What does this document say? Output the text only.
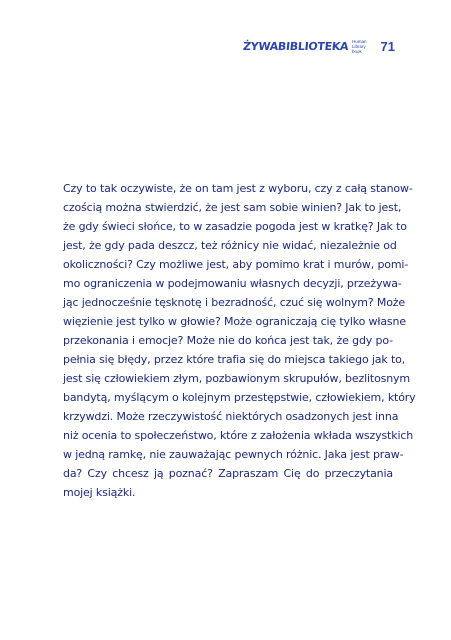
ŻYWABIBLIOTEKA Human
Library
book	71
Czy to tak oczywiste, że on tam jest z wyboru, czy z całą stanow-
czością można stwierdzić, że jest sam sobie winien? Jak to jest,
że gdy świeci słońce, to w zasadzie pogoda jest w kratkę? Jak to
jest, że gdy pada deszcz, też różnicy nie widać, niezależnie od
okoliczności? Czy możliwe jest, aby pomimo krat i murów, pomi-
mo ograniczenia w podejmowaniu własnych decyzji, przeżywa-
jąc jednocześnie tęsknotę i bezradność, czuć się wolnym? Może
więzienie jest tylko w głowie? Może ograniczają cię tylko własne
przekonania i emocje? Może nie do końca jest tak, że gdy po-
pełnia się błędy, przez które trafia się do miejsca takiego jak to,
jest się człowiekiem złym, pozbawionym skrupułów, bezlitosnym
bandytą, myślącym o kolejnym przestępstwie, człowiekiem, który
krzywdzi. Może rzeczywistość niektórych osadzonych jest inna
niż ocenia to społeczeństwo, które z założenia wkłada wszystkich
w jedną ramkę, nie zauważając pewnych różnic. Jaka jest praw-
da? Czy chcesz ją poznać? Zapraszam Cię do przeczytania
mojej książki.
